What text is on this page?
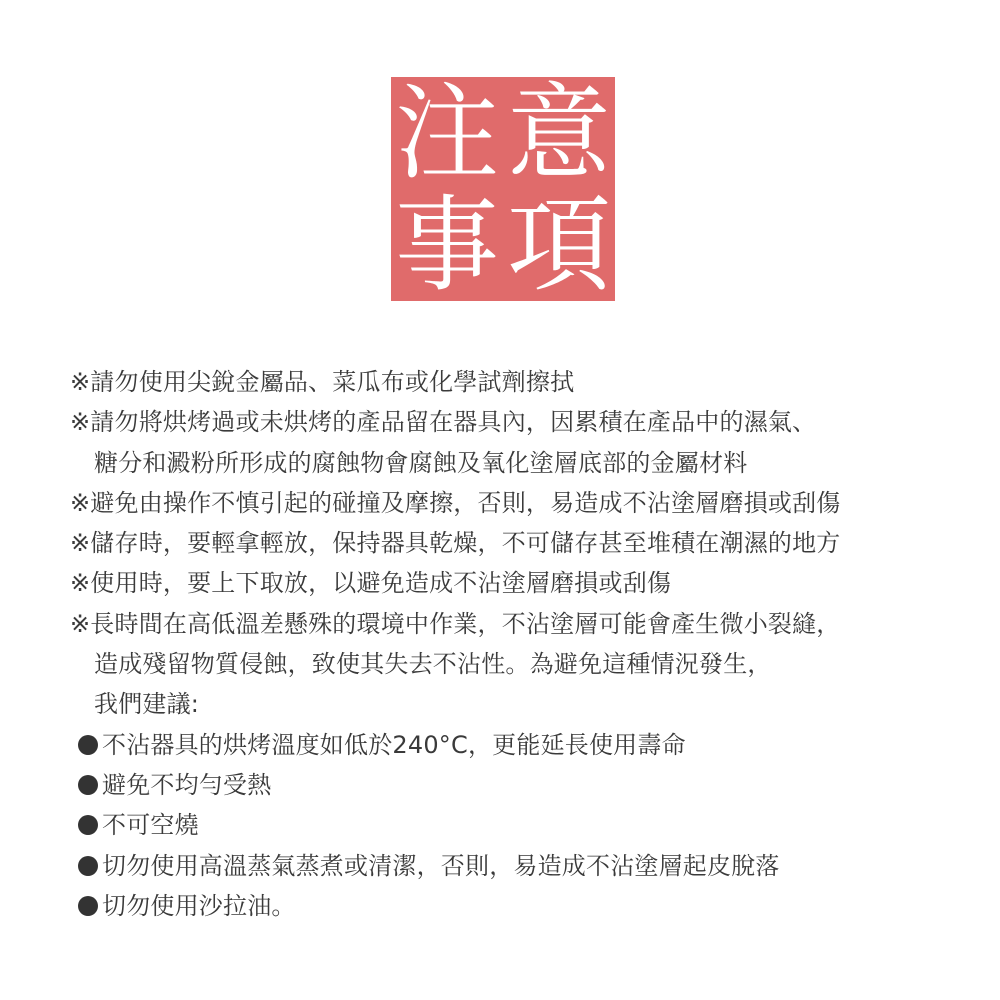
注 意
事 項
※請勿使用尖銳金屬品、菜瓜布或化學試劑擦拭
※請勿將烘烤過或未烘烤的產品留在器具內，因累積在產品中的濕氣、
糖分和澱粉所形成的腐蝕物會腐蝕及氧化塗層底部的金屬材料
※避免由操作不慎引起的碰撞及摩擦，否則，易造成不沾塗層磨損或刮傷
※儲存時，要輕拿輕放，保持器具乾燥，不可儲存甚至堆積在潮濕的地方
※使用時，要上下取放，以避免造成不沾塗層磨損或刮傷
※長時間在高低溫差懸殊的環境中作業，不沾塗層可能會產生微小裂縫，
造成殘留物質侵蝕，致使其失去不沾性。為避免這種情況發生，
我們建議:
不沾器具的烘烤溫度如低於240°C，更能延長使用壽命
避免不均勻受熱
不可空燒
切勿使用高溫蒸氣蒸煮或清潔，否則，易造成不沾塗層起皮脫落
切勿使用沙拉油。
